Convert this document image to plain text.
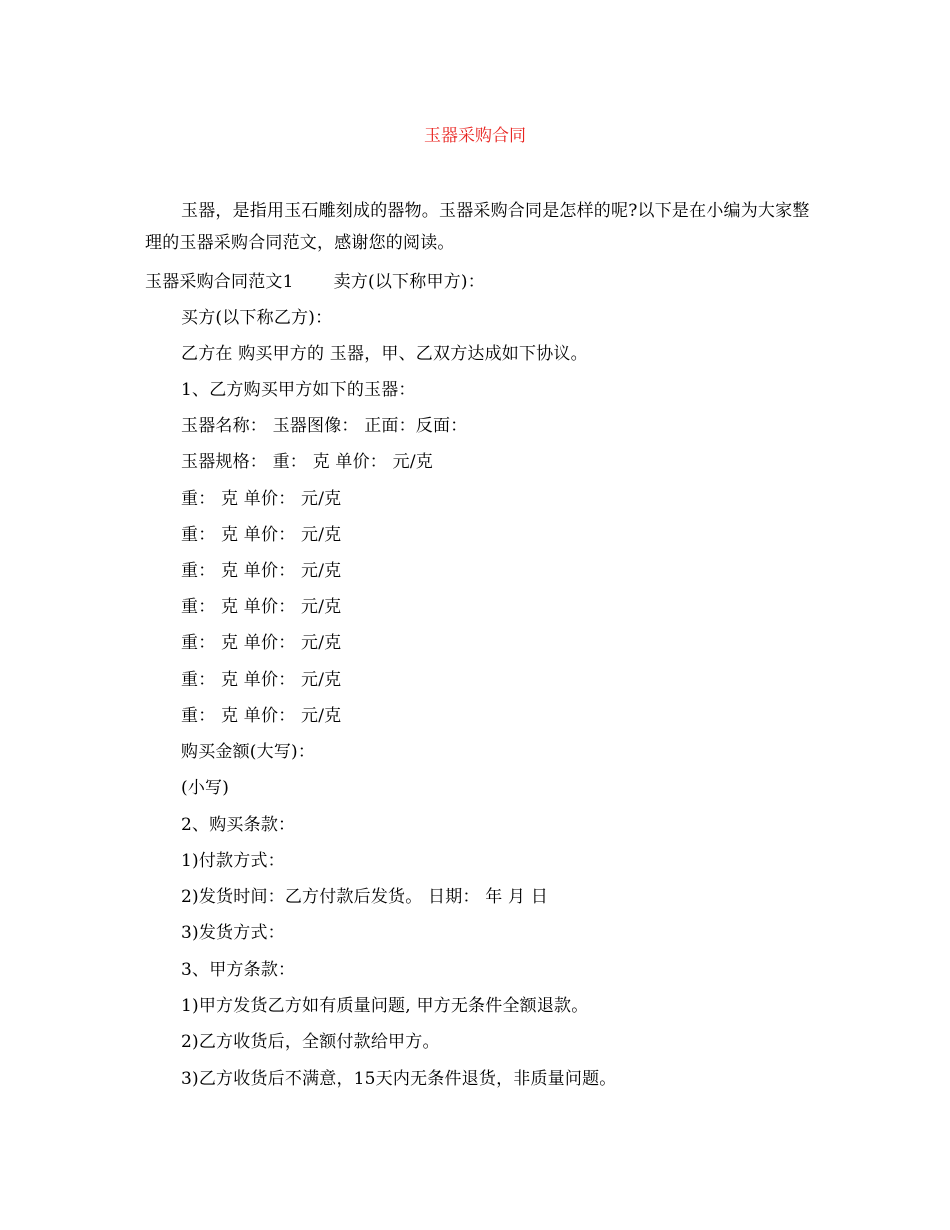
玉器采购合同

玉器，是指用玉石雕刻成的器物。玉器采购合同是怎样的呢?以下是在小编为大家整理的玉器采购合同范文，感谢您的阅读。

玉器采购合同范文1 卖方(以下称甲方)：
买方(以下称乙方)：
乙方在 购买甲方的 玉器，甲、乙双方达成如下协议。
1、乙方购买甲方如下的玉器：
玉器名称： 玉器图像： 正面：反面：
玉器规格： 重： 克 单价： 元/克
重： 克 单价： 元/克
重： 克 单价： 元/克
重： 克 单价： 元/克
重： 克 单价： 元/克
重： 克 单价： 元/克
重： 克 单价： 元/克
重： 克 单价： 元/克
购买金额(大写)：
(小写)
2、购买条款：
1)付款方式：
2)发货时间：乙方付款后发货。 日期： 年 月 日
3)发货方式：
3、甲方条款：
1)甲方发货乙方如有质量问题, 甲方无条件全额退款。
2)乙方收货后，全额付款给甲方。
3)乙方收货后不满意，15天内无条件退货，非质量问题。
